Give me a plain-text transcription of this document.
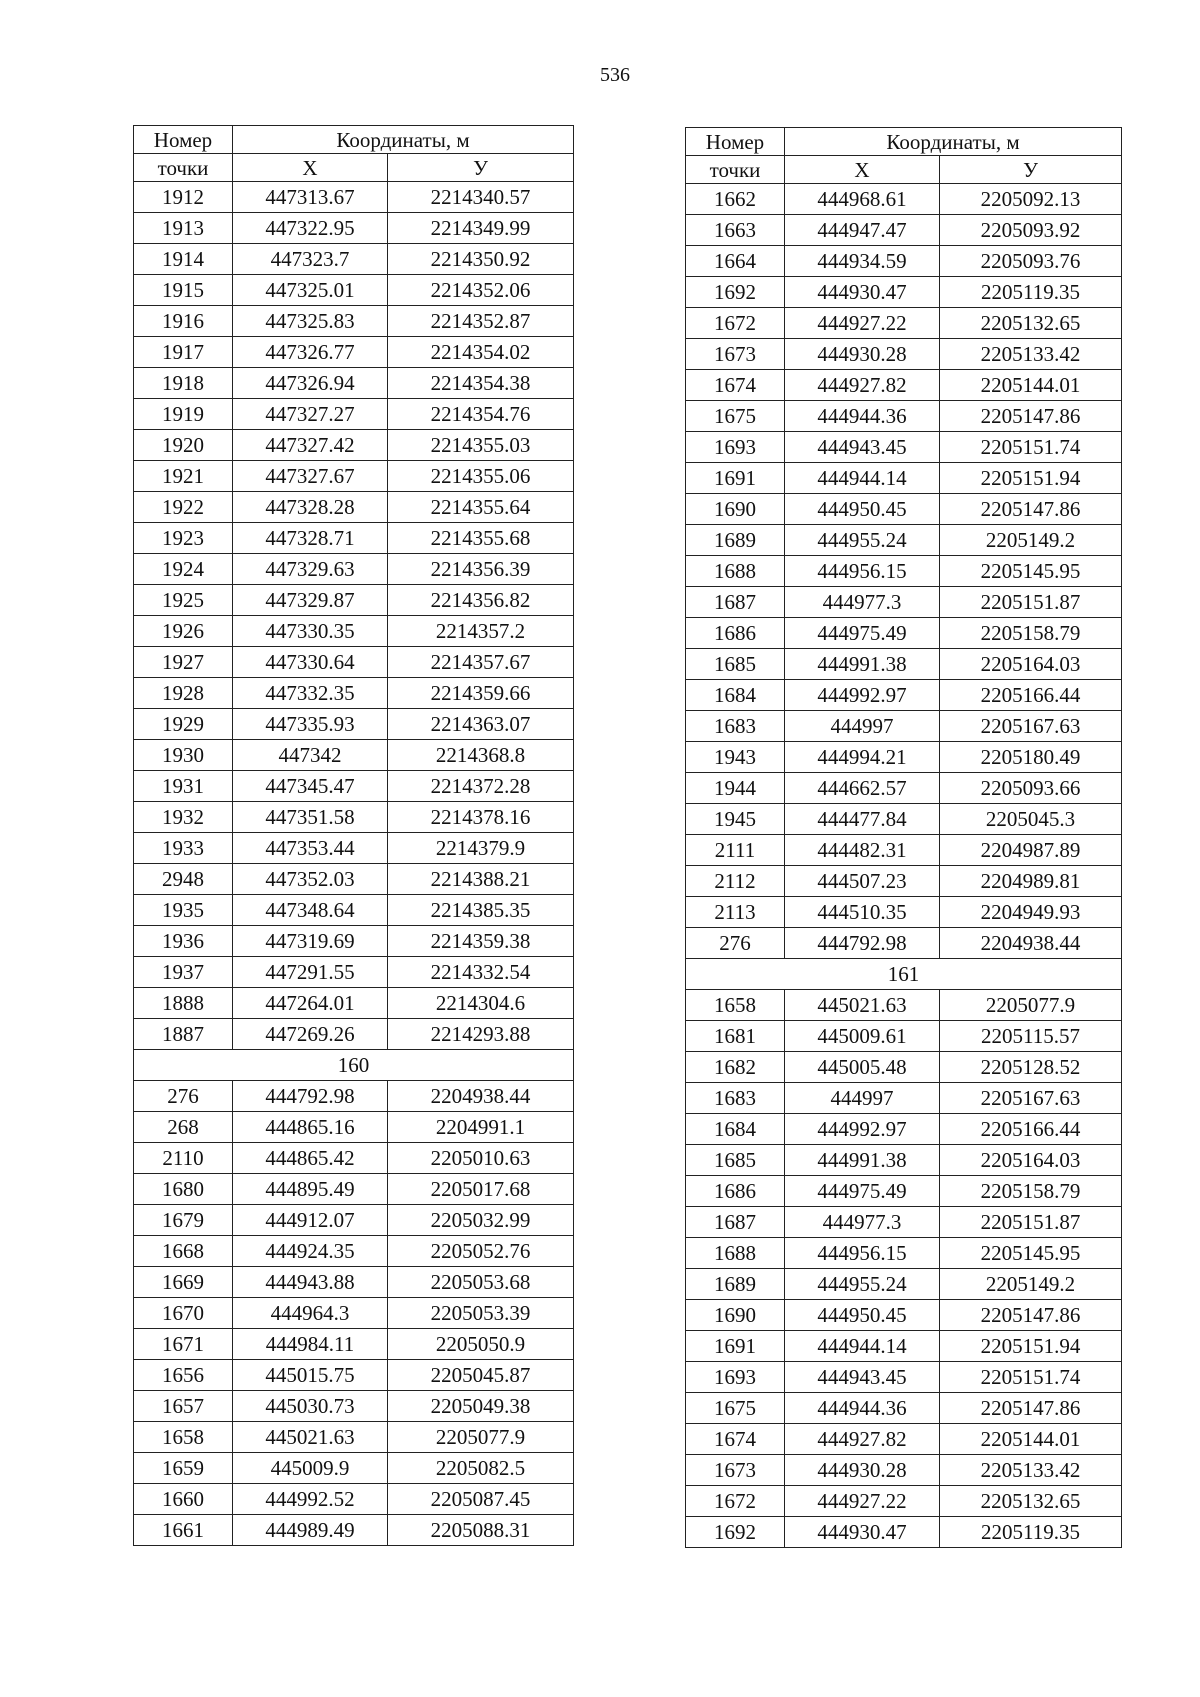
536
Номер	Координаты, м	
точки	X	У
1912	447313.67	2214340.57
1913	447322.95	2214349.99
1914	447323.7	2214350.92
1915	447325.01	2214352.06
1916	447325.83	2214352.87
1917	447326.77	2214354.02
1918	447326.94	2214354.38
1919	447327.27	2214354.76
1920	447327.42	2214355.03
1921	447327.67	2214355.06
1922	447328.28	2214355.64
1923	447328.71	2214355.68
1924	447329.63	2214356.39
1925	447329.87	2214356.82
1926	447330.35	2214357.2
1927	447330.64	2214357.67
1928	447332.35	2214359.66
1929	447335.93	2214363.07
1930	447342	2214368.8
1931	447345.47	2214372.28
1932	447351.58	2214378.16
1933	447353.44	2214379.9
2948	447352.03	2214388.21
1935	447348.64	2214385.35
1936	447319.69	2214359.38
1937	447291.55	2214332.54
1888	447264.01	2214304.6
1887	447269.26	2214293.88
160		
276	444792.98	2204938.44
268	444865.16	2204991.1
2110	444865.42	2205010.63
1680	444895.49	2205017.68
1679	444912.07	2205032.99
1668	444924.35	2205052.76
1669	444943.88	2205053.68
1670	444964.3	2205053.39
1671	444984.11	2205050.9
1656	445015.75	2205045.87
1657	445030.73	2205049.38
1658	445021.63	2205077.9
1659	445009.9	2205082.5
1660	444992.52	2205087.45
1661	444989.49	2205088.31
Номер	Координаты, м	
точки	X	У
1662	444968.61	2205092.13
1663	444947.47	2205093.92
1664	444934.59	2205093.76
1692	444930.47	2205119.35
1672	444927.22	2205132.65
1673	444930.28	2205133.42
1674	444927.82	2205144.01
1675	444944.36	2205147.86
1693	444943.45	2205151.74
1691	444944.14	2205151.94
1690	444950.45	2205147.86
1689	444955.24	2205149.2
1688	444956.15	2205145.95
1687	444977.3	2205151.87
1686	444975.49	2205158.79
1685	444991.38	2205164.03
1684	444992.97	2205166.44
1683	444997	2205167.63
1943	444994.21	2205180.49
1944	444662.57	2205093.66
1945	444477.84	2205045.3
2111	444482.31	2204987.89
2112	444507.23	2204989.81
2113	444510.35	2204949.93
276	444792.98	2204938.44
161		
1658	445021.63	2205077.9
1681	445009.61	2205115.57
1682	445005.48	2205128.52
1683	444997	2205167.63
1684	444992.97	2205166.44
1685	444991.38	2205164.03
1686	444975.49	2205158.79
1687	444977.3	2205151.87
1688	444956.15	2205145.95
1689	444955.24	2205149.2
1690	444950.45	2205147.86
1691	444944.14	2205151.94
1693	444943.45	2205151.74
1675	444944.36	2205147.86
1674	444927.82	2205144.01
1673	444930.28	2205133.42
1672	444927.22	2205132.65
1692	444930.47	2205119.35
